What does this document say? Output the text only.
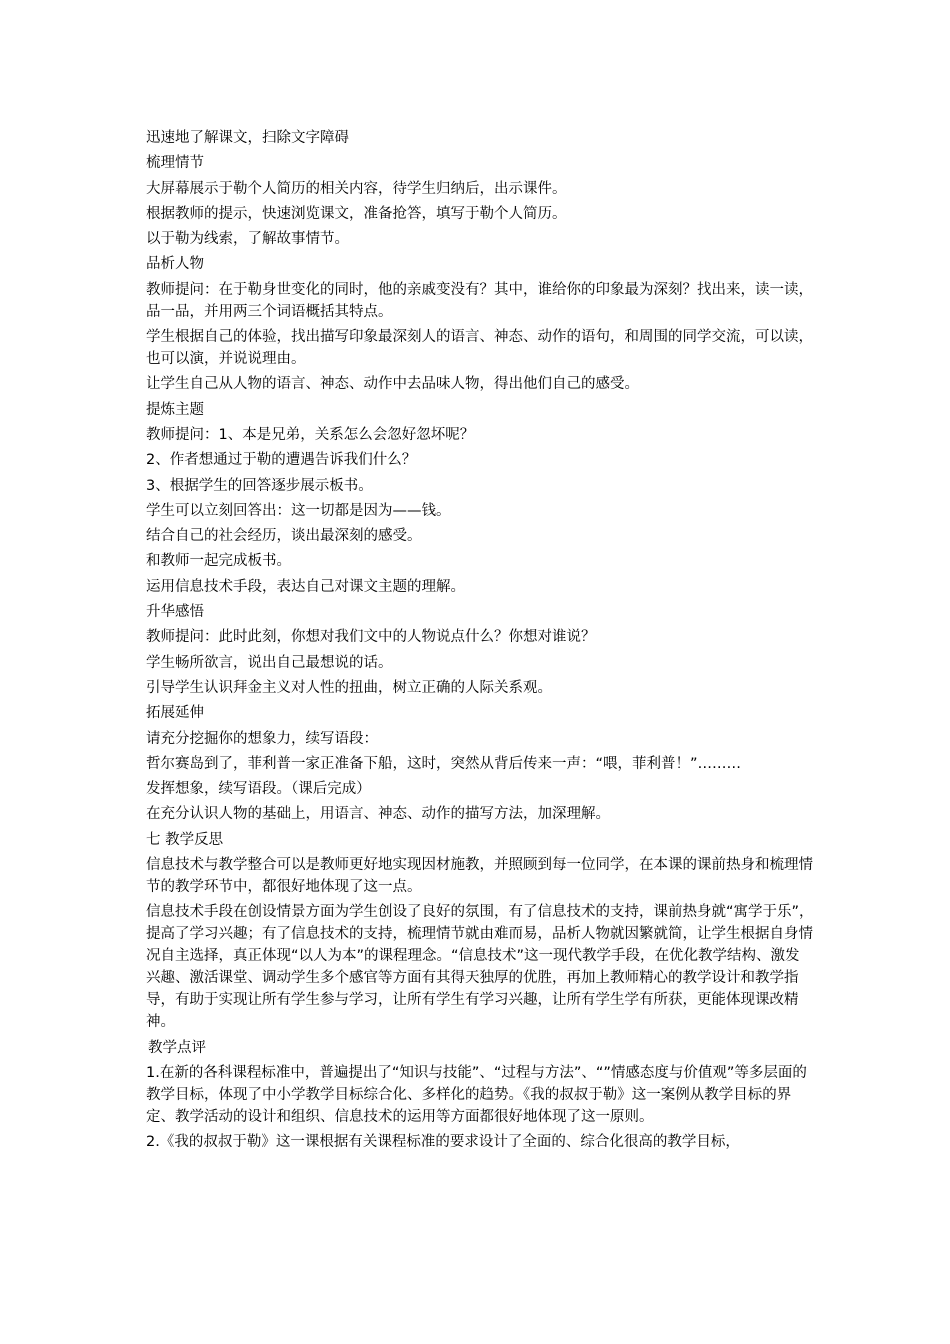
迅速地了解课文，扫除文字障碍

梳理情节

大屏幕展示于勒个人简历的相关内容，待学生归纳后，出示课件。

根据教师的提示，快速浏览课文，准备抢答，填写于勒个人简历。

以于勒为线索，了解故事情节。

品析人物

教师提问：在于勒身世变化的同时，他的亲戚变没有？其中，谁给你的印象最为深刻？找出来，读一读，品一品，并用两三个词语概括其特点。

学生根据自己的体验，找出描写印象最深刻人的语言、神态、动作的语句，和周围的同学交流，可以读，也可以演，并说说理由。

让学生自己从人物的语言、神态、动作中去品味人物，得出他们自己的感受。

提炼主题

教师提问：1、本是兄弟，关系怎么会忽好忽坏呢？

2、作者想通过于勒的遭遇告诉我们什么？

3、根据学生的回答逐步展示板书。

学生可以立刻回答出：这一切都是因为——钱。

结合自己的社会经历，谈出最深刻的感受。

和教师一起完成板书。

运用信息技术手段，表达自己对课文主题的理解。

升华感悟

教师提问：此时此刻，你想对我们文中的人物说点什么？你想对谁说？

学生畅所欲言，说出自己最想说的话。

引导学生认识拜金主义对人性的扭曲，树立正确的人际关系观。

拓展延伸

请充分挖掘你的想象力，续写语段：

哲尔赛岛到了，菲利普一家正准备下船，这时，突然从背后传来一声：“喂，菲利普！”………

发挥想象，续写语段。（课后完成）

在充分认识人物的基础上，用语言、神态、动作的描写方法，加深理解。

七 教学反思

信息技术与教学整合可以是教师更好地实现因材施教，并照顾到每一位同学，在本课的课前热身和梳理情节的教学环节中，都很好地体现了这一点。

信息技术手段在创设情景方面为学生创设了良好的氛围，有了信息技术的支持，课前热身就“寓学于乐”，提高了学习兴趣；有了信息技术的支持，梳理情节就由难而易，品析人物就因繁就简，让学生根据自身情况自主选择，真正体现“以人为本”的课程理念。“信息技术”这一现代教学手段，在优化教学结构、激发兴趣、激活课堂、调动学生多个感官等方面有其得天独厚的优胜，再加上教师精心的教学设计和教学指导，有助于实现让所有学生参与学习，让所有学生有学习兴趣，让所有学生学有所获，更能体现课改精神。

教学点评

1.在新的各科课程标准中，普遍提出了“知识与技能”、“过程与方法”、“”情感态度与价值观”等多层面的教学目标，体现了中小学教学目标综合化、多样化的趋势。《我的叔叔于勒》这一案例从教学目标的界定、教学活动的设计和组织、信息技术的运用等方面都很好地体现了这一原则。

2.《我的叔叔于勒》这一课根据有关课程标准的要求设计了全面的、综合化很高的教学目标，
